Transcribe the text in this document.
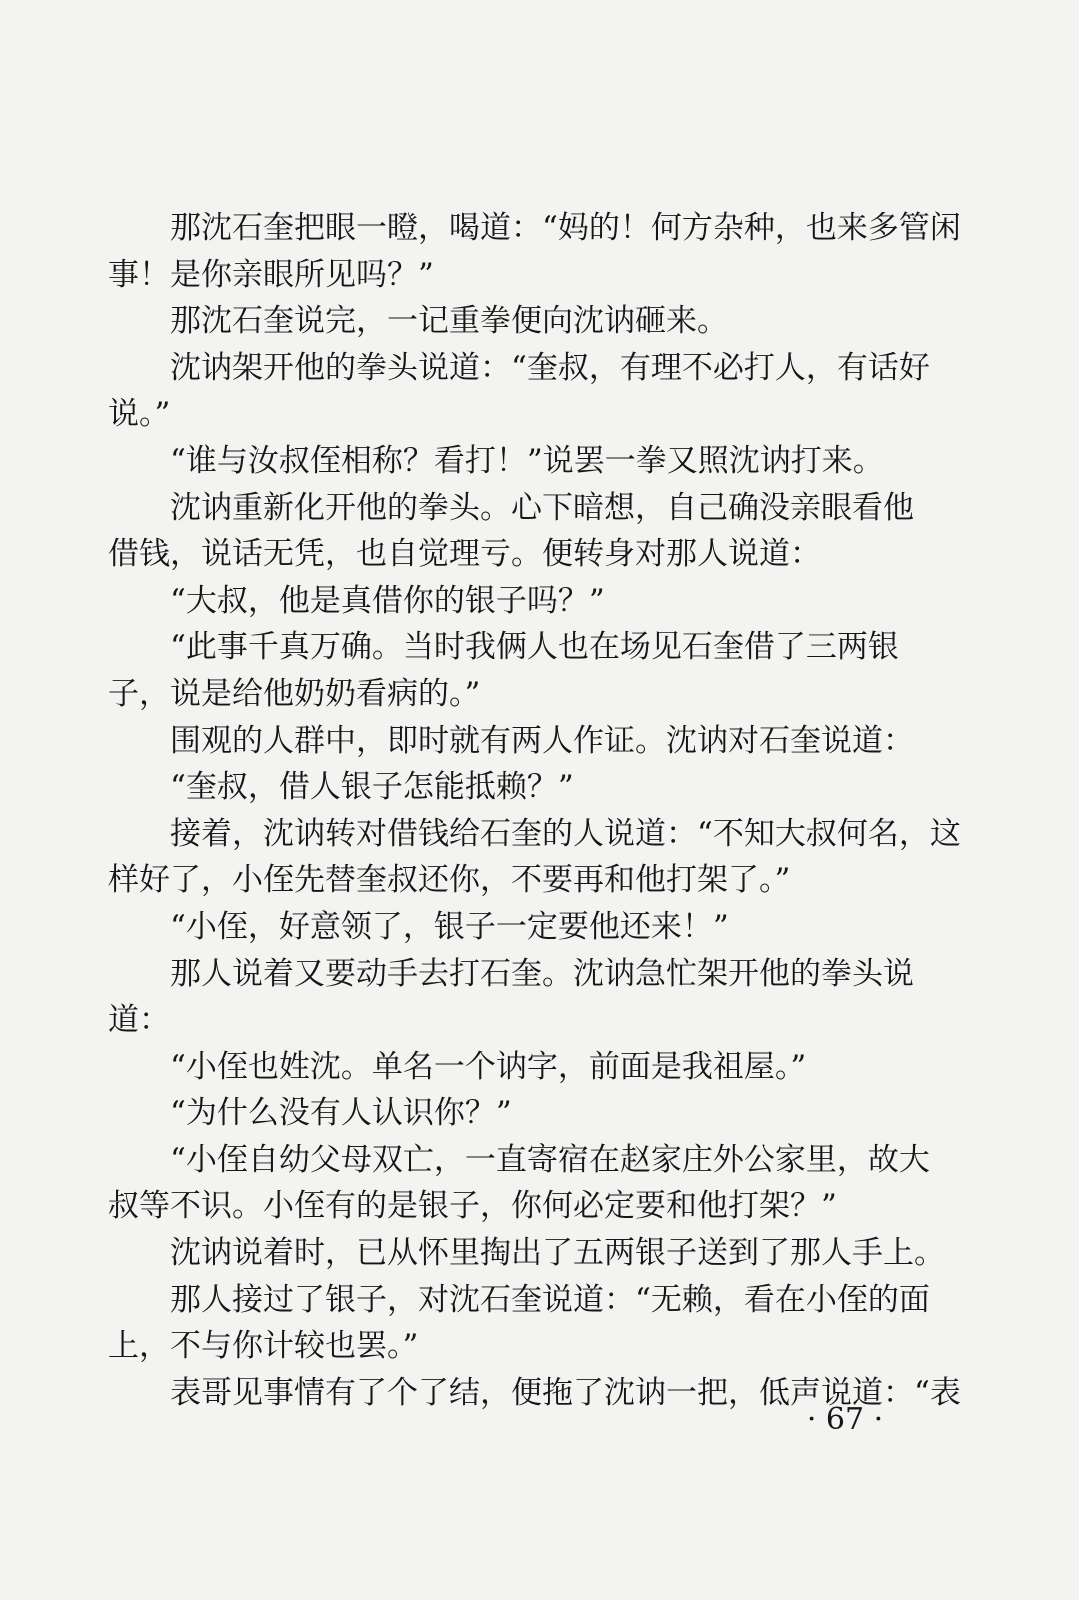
那沈石奎把眼一瞪，喝道：“妈的！何方杂种，也来多管闲
事！是你亲眼所见吗？”
那沈石奎说完，一记重拳便向沈讷砸来。
沈讷架开他的拳头说道：“奎叔，有理不必打人，有话好
说。”
“谁与汝叔侄相称？看打！”说罢一拳又照沈讷打来。
沈讷重新化开他的拳头。心下暗想，自己确没亲眼看他
借钱，说话无凭，也自觉理亏。便转身对那人说道：
“大叔，他是真借你的银子吗？”
“此事千真万确。当时我俩人也在场见石奎借了三两银
子，说是给他奶奶看病的。”
围观的人群中，即时就有两人作证。沈讷对石奎说道：
“奎叔，借人银子怎能抵赖？”
接着，沈讷转对借钱给石奎的人说道：“不知大叔何名，这
样好了，小侄先替奎叔还你，不要再和他打架了。”
“小侄，好意领了，银子一定要他还来！”
那人说着又要动手去打石奎。沈讷急忙架开他的拳头说
道：
“小侄也姓沈。单名一个讷字，前面是我祖屋。”
“为什么没有人认识你？”
“小侄自幼父母双亡，一直寄宿在赵家庄外公家里，故大
叔等不识。小侄有的是银子，你何必定要和他打架？”
沈讷说着时，已从怀里掏出了五两银子送到了那人手上。
那人接过了银子，对沈石奎说道：“无赖，看在小侄的面
上，不与你计较也罢。”
表哥见事情有了个了结，便拖了沈讷一把，低声说道：“表
· 67 ·
